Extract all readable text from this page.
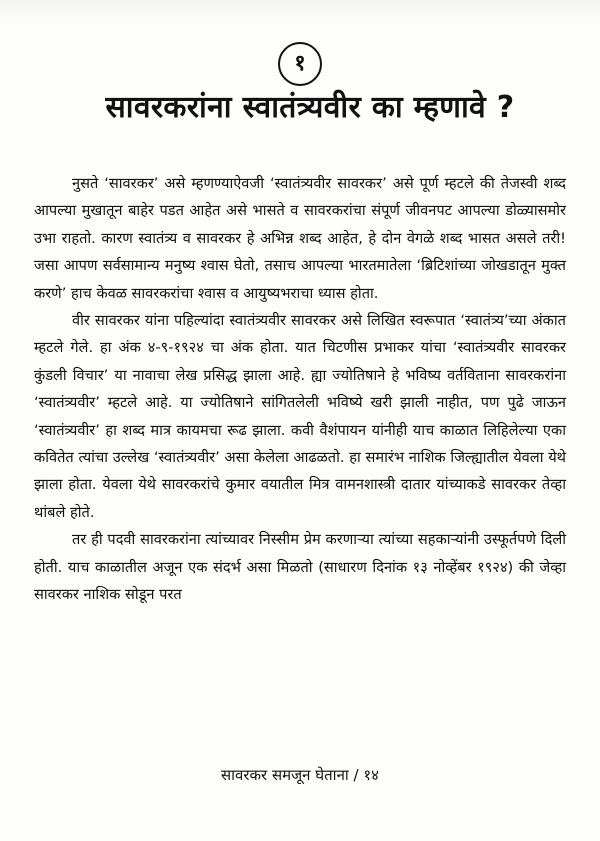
१
सावरकरांना स्वातंत्र्यवीर का म्हणावे ?

नुसते ‘सावरकर’ असे म्हणण्याऐवजी ‘स्वातंत्र्यवीर सावरकर’ असे पूर्ण म्हटले की तेजस्वी शब्द आपल्या मुखातून बाहेर पडत आहेत असे भासते व सावरकरांचा संपूर्ण जीवनपट आपल्या डोळ्यासमोर उभा राहतो. कारण स्वातंत्र्य व सावरकर हे अभिन्न शब्द आहेत, हे दोन वेगळे शब्द भासत असले तरी! जसा आपण सर्वसामान्य मनुष्य श्वास घेतो, तसाच आपल्या भारतमातेला ‘ब्रिटिशांच्या जोखडातून मुक्त करणे’ हाच केवळ सावरकरांचा श्वास व आयुष्यभराचा ध्यास होता.

वीर सावरकर यांना पहिल्यांदा स्वातंत्र्यवीर सावरकर असे लिखित स्वरूपात ‘स्वातंत्र्य’च्या अंकात म्हटले गेले. हा अंक ४-९-१९२४ चा अंक होता. यात चिटणीस प्रभाकर यांचा ‘स्वातंत्र्यवीर सावरकर कुंडली विचार’ या नावाचा लेख प्रसिद्ध झाला आहे. ह्या ज्योतिषाने हे भविष्य वर्तविताना सावरकरांना ‘स्वातंत्र्यवीर’ म्हटले आहे. या ज्योतिषाने सांगितलेली भविष्ये खरी झाली नाहीत, पण पुढे जाऊन ‘स्वातंत्र्यवीर’ हा शब्द मात्र कायमचा रूढ झाला. कवी वैशंपायन यांनीही याच काळात लिहिलेल्या एका कवितेत त्यांचा उल्लेख ‘स्वातंत्र्यवीर’ असा केलेला आढळतो. हा समारंभ नाशिक जिल्ह्यातील येवला येथे झाला होता. येवला येथे सावरकरांचे कुमार वयातील मित्र वामनशास्त्री दातार यांच्याकडे सावरकर तेव्हा थांबले होते.

तर ही पदवी सावरकरांना त्यांच्यावर निस्सीम प्रेम करणाऱ्या त्यांच्या सहकाऱ्यांनी उस्फूर्तपणे दिली होती. याच काळातील अजून एक संदर्भ असा मिळतो (साधारण दिनांक १३ नोव्हेंबर १९२४) की जेव्हा सावरकर नाशिक सोडून परत

सावरकर समजून घेताना / १४
